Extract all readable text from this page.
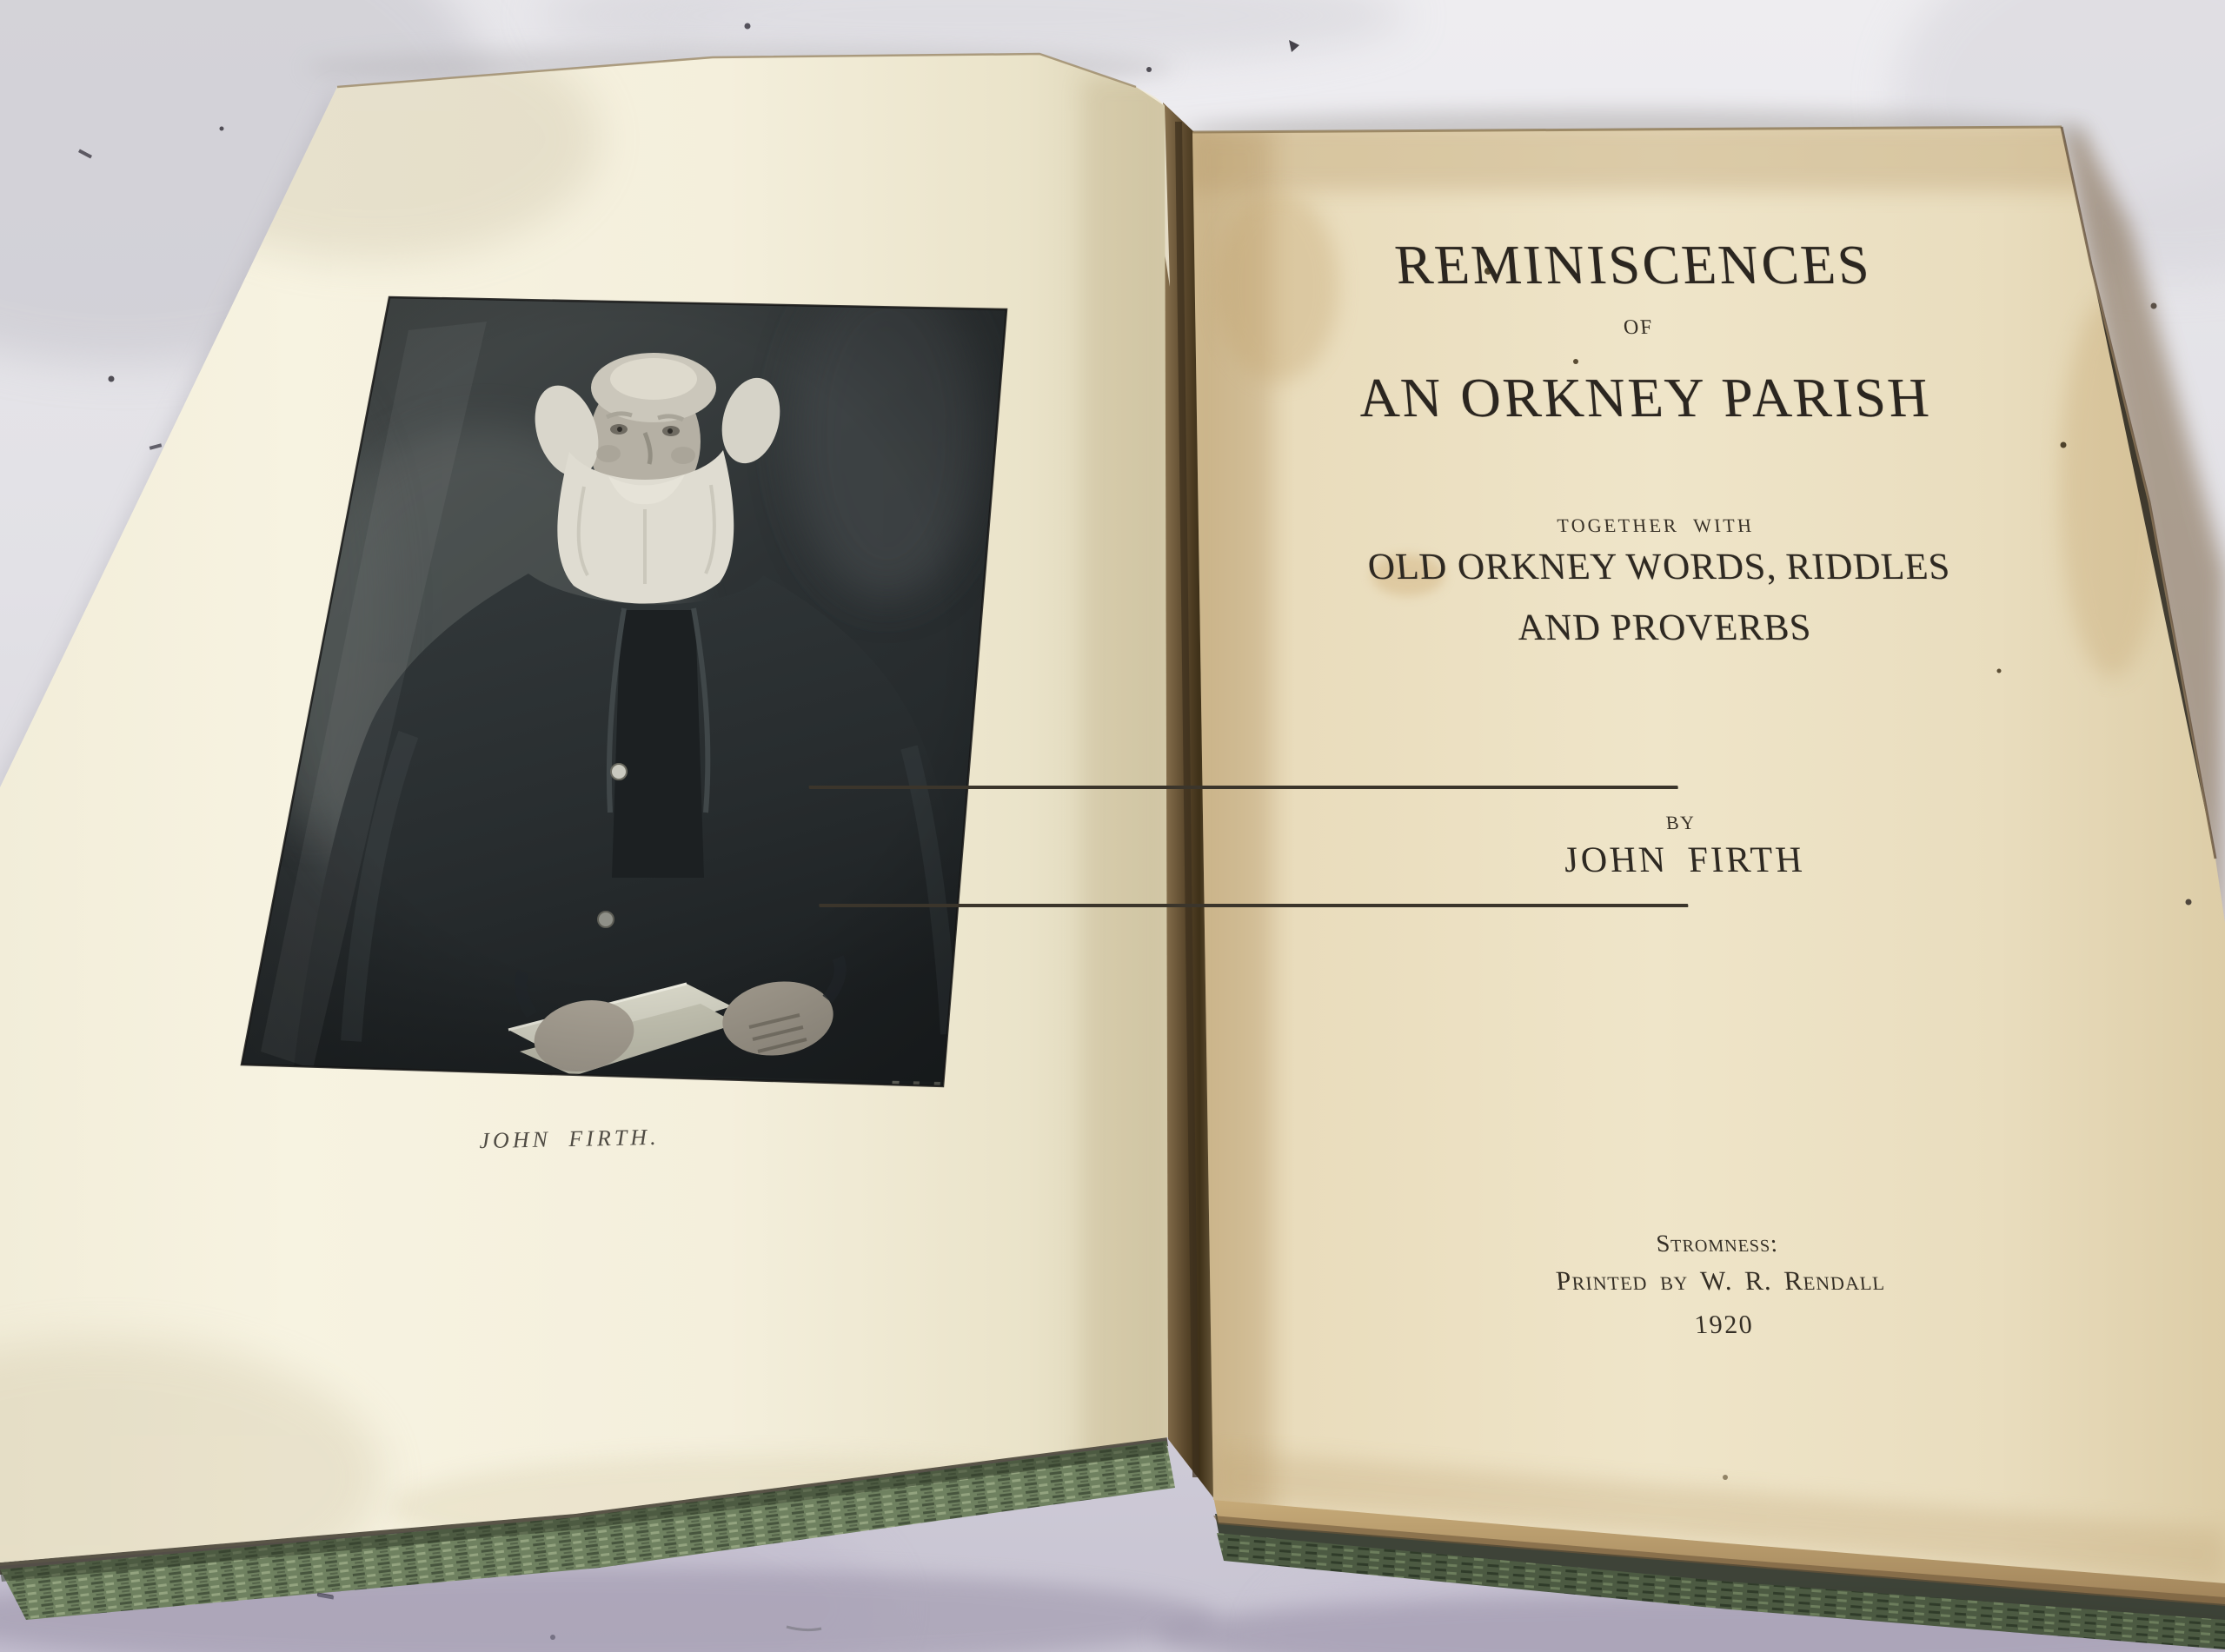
REMINISCENCES
OF
AN ORKNEY PARISH
TOGETHER WITH
OLD ORKNEY WORDS, RIDDLES
AND PROVERBS
BY
JOHN FIRTH
Stromness:
Printed by W. R. Rendall
1920
JOHN FIRTH.
